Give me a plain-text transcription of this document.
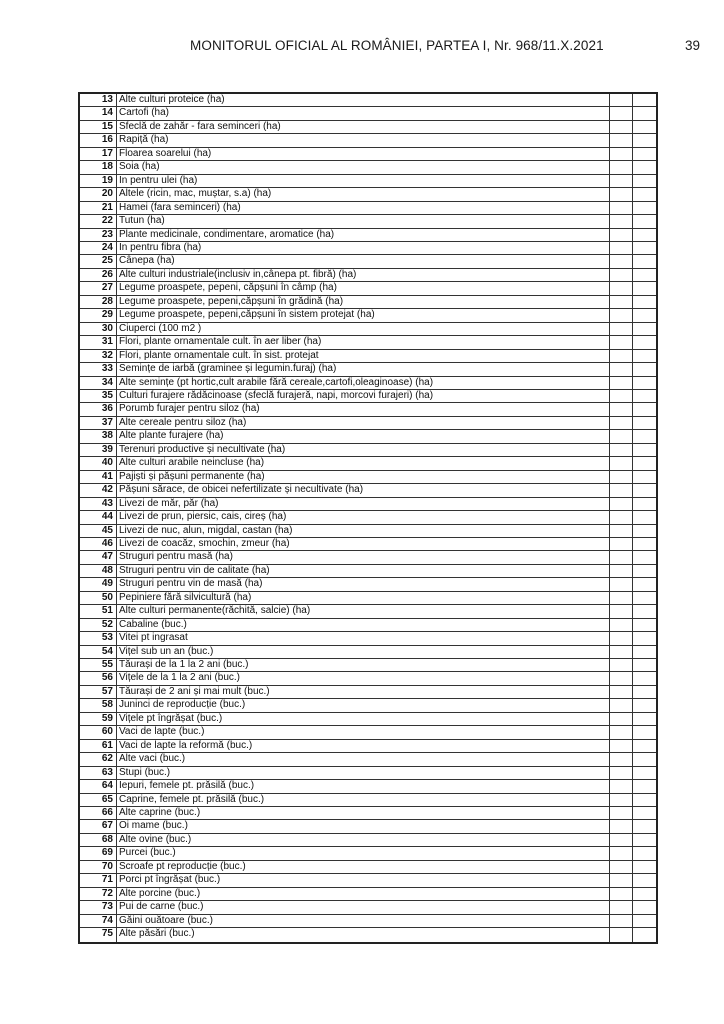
MONITORUL OFICIAL AL ROMÂNIEI, PARTEA I, Nr. 968/11.X.2021	39
13 Alte culturi proteice (ha)
14 Cartofi (ha)
15 Sfeclă de zahăr - fara seminceri (ha)
16 Rapiță (ha)
17 Floarea soarelui (ha)
18 Soia (ha)
19 In pentru ulei (ha)
20 Altele (ricin, mac, muștar, s.a) (ha)
21 Hamei (fara seminceri) (ha)
22 Tutun (ha)
23 Plante medicinale, condimentare, aromatice (ha)
24 In pentru fibra (ha)
25 Cânepa (ha)
26 Alte culturi industriale(inclusiv in,cânepa pt. fibră) (ha)
27 Legume proaspete, pepeni, căpșuni în câmp (ha)
28 Legume proaspete, pepeni,căpșuni în grădină (ha)
29 Legume proaspete, pepeni,căpșuni în sistem protejat (ha)
30 Ciuperci (100 m2 )
31 Flori, plante ornamentale cult. în aer liber (ha)
32 Flori, plante ornamentale cult. în sist. protejat
33 Semințe de iarbă (graminee și legumin.furaj) (ha)
34 Alte semințe (pt hortic,cult arabile fără cereale,cartofi,oleaginoase) (ha)
35 Culturi furajere rădăcinoase (sfeclă furajeră, napi, morcovi furajeri) (ha)
36 Porumb furajer pentru siloz (ha)
37 Alte cereale pentru siloz (ha)
38 Alte plante furajere (ha)
39 Terenuri productive și necultivate (ha)
40 Alte culturi arabile neincluse (ha)
41 Pajiști și pășuni permanente (ha)
42 Pășuni sărace, de obicei nefertilizate și necultivate (ha)
43 Livezi de măr, păr (ha)
44 Livezi de prun, piersic, cais, cireș (ha)
45 Livezi de nuc, alun, migdal, castan (ha)
46 Livezi de coacăz, smochin, zmeur (ha)
47 Struguri pentru masă (ha)
48 Struguri pentru vin de calitate (ha)
49 Struguri pentru vin de masă (ha)
50 Pepiniere fără silvicultură (ha)
51 Alte culturi permanente(răchită, salcie) (ha)
52 Cabaline (buc.)
53 Vitei pt ingrasat
54 Vițel sub un an (buc.)
55 Tăurași de la 1 la 2 ani (buc.)
56 Vițele de la 1 la 2 ani (buc.)
57 Tăurași de 2 ani și mai mult (buc.)
58 Juninci de reproducție (buc.)
59 Vițele pt îngrășat (buc.)
60 Vaci de lapte (buc.)
61 Vaci de lapte la reformă (buc.)
62 Alte vaci (buc.)
63 Stupi (buc.)
64 Iepuri, femele pt. prăsilă (buc.)
65 Caprine, femele pt. prăsilă (buc.)
66 Alte caprine (buc.)
67 Oi mame (buc.)
68 Alte ovine (buc.)
69 Purcei (buc.)
70 Scroafe pt reproducție (buc.)
71 Porci pt îngrășat (buc.)
72 Alte porcine (buc.)
73 Pui de carne (buc.)
74 Găini ouătoare (buc.)
75 Alte păsări (buc.)
